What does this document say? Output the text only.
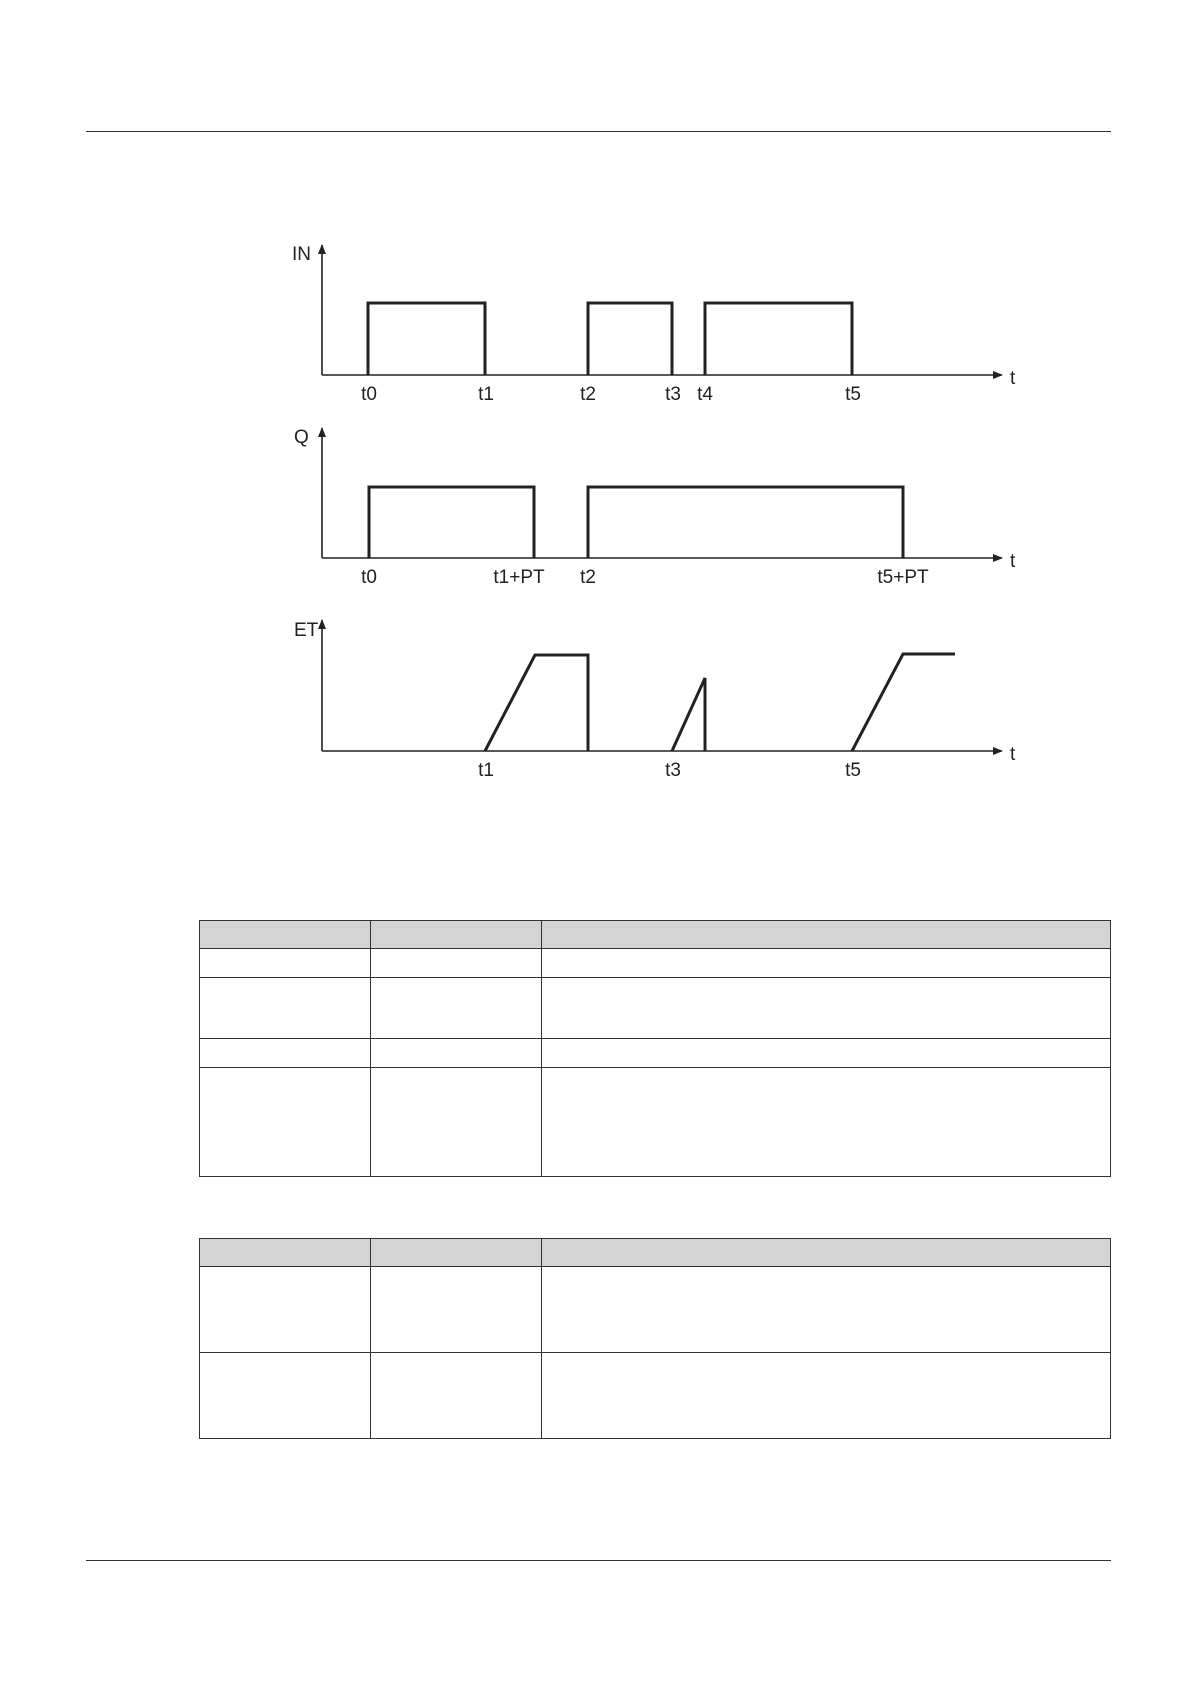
IN
t
t0	t1	t2	t3 t4	t5
Q
t
t0	t1+PT t2	t5+PT
ET
t
t1	t3	t5
